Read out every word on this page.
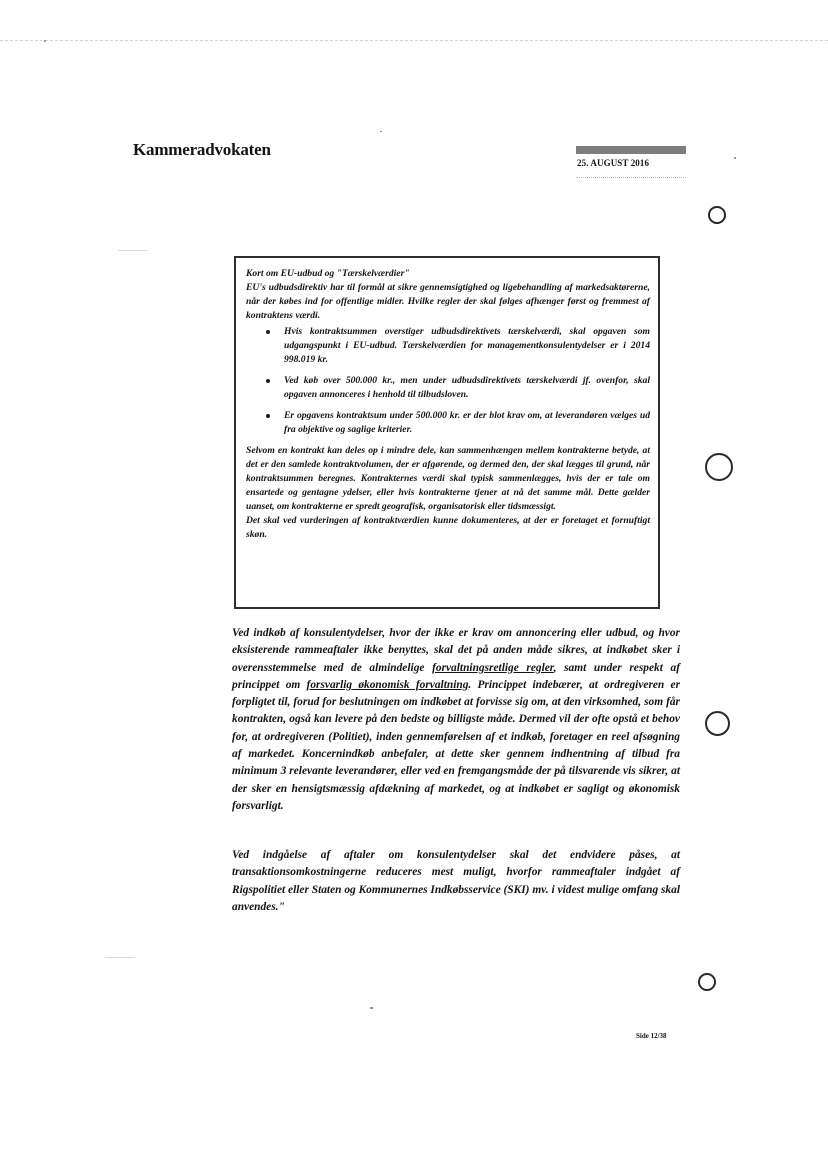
Kammeradvokaten
25. AUGUST 2016

Kort om EU-udbud og "Tærskelværdier"

EU's udbudsdirektiv har til formål at sikre gennemsigtighed og ligebehandling af markedsaktørerne, når der købes ind for offentlige midler. Hvilke regler der skal følges afhænger først og fremmest af kontraktens værdi.

Hvis kontraktsummen overstiger udbudsdirektivets tærskelværdi, skal opgaven som udgangspunkt i EU-udbud. Tærskelværdien for managementkonsulentydelser er i 2014 998.019 kr.
Ved køb over 500.000 kr., men under udbudsdirektivets tærskelværdi jf. ovenfor, skal opgaven annonceres i henhold til tilbudsloven.
Er opgavens kontraktsum under 500.000 kr. er der blot krav om, at leverandøren vælges ud fra objektive og saglige kriterier.

Selvom en kontrakt kan deles op i mindre dele, kan sammenhængen mellem kontrakterne betyde, at det er den samlede kontraktvolumen, der er afgørende, og dermed den, der skal lægges til grund, når kontraktsummen beregnes. Kontrakternes værdi skal typisk sammenlægges, hvis der er tale om ensartede og gentagne ydelser, eller hvis kontrakterne tjener at nå det samme mål. Dette gælder uanset, om kontrakterne er spredt geografisk, organisatorisk eller tidsmæssigt.

Det skal ved vurderingen af kontraktværdien kunne dokumenteres, at der er foretaget et fornuftigt skøn.

Ved indkøb af konsulentydelser, hvor der ikke er krav om annoncering eller udbud, og hvor eksisterende rammeaftaler ikke benyttes, skal det på anden måde sikres, at indkøbet sker i overensstemmelse med de almindelige forvaltningsretlige regler, samt under respekt af princippet om forsvarlig økonomisk forvaltning. Princippet indebærer, at ordregiveren er forpligtet til, forud for beslutningen om indkøbet at forvisse sig om, at den virksomhed, som får kontrakten, også kan levere på den bedste og billigste måde. Dermed vil der ofte opstå et behov for, at ordregiveren (Politiet), inden gennemførelsen af et indkøb, foretager en reel afsøgning af markedet. Koncernindkøb anbefaler, at dette sker gennem indhentning af tilbud fra minimum 3 relevante leverandører, eller ved en fremgangsmåde der på tilsvarende vis sikrer, at der sker en hensigtsmæssig afdækning af markedet, og at indkøbet er sagligt og økonomisk forsvarligt.

Ved indgåelse af aftaler om konsulentydelser skal det endvidere påses, at transaktionsomkostningerne reduceres mest muligt, hvorfor rammeaftaler indgået af Rigspolitiet eller Staten og Kommunernes Indkøbsservice (SKI) mv. i videst mulige omfang skal anvendes."

Side 12/38
